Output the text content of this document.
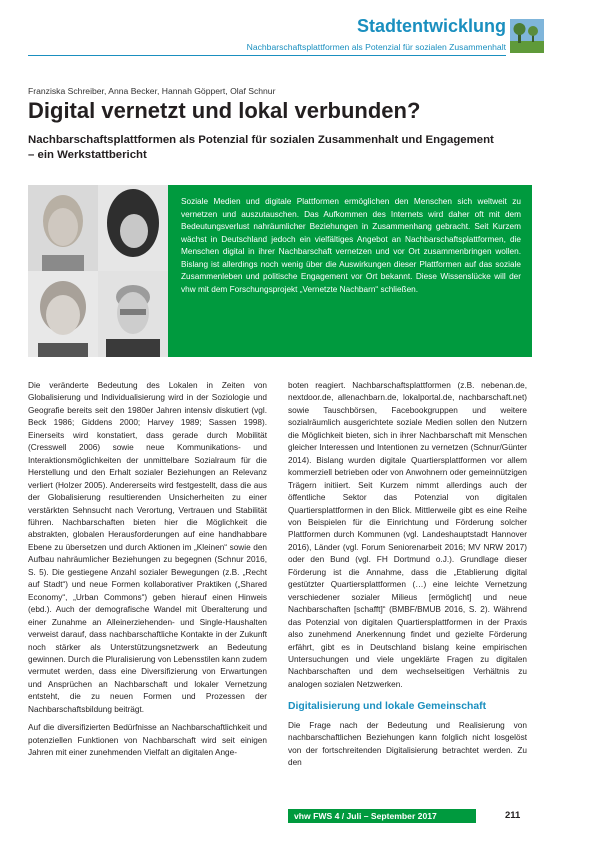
Stadtentwicklung
Nachbarschaftsplattformen als Potenzial für sozialen Zusammenhalt
Franziska Schreiber, Anna Becker, Hannah Göppert, Olaf Schnur
Digital vernetzt und lokal verbunden?
Nachbarschaftsplattformen als Potenzial für sozialen Zusammenhalt und Engagement – ein Werkstattbericht
Soziale Medien und digitale Plattformen ermöglichen den Menschen sich weltweit zu vernetzen und auszutauschen. Das Aufkommen des Internets wird daher oft mit dem Bedeutungsverlust nahräumlicher Beziehungen in Zusammenhang gebracht. Seit Kurzem wächst in Deutschland jedoch ein vielfältiges Angebot an Nachbarschaftsplattformen, die Menschen digital in ihrer Nachbarschaft vernetzen und vor Ort zusammenbringen wollen. Bislang ist allerdings noch wenig über die Auswirkungen dieser Plattformen auf das soziale Zusammenleben und politische Engagement vor Ort bekannt. Diese Wissenslücke will der vhw mit dem Forschungsprojekt „Vernetzte Nachbarn“ schließen.

Die veränderte Bedeutung des Lokalen in Zeiten von Globalisierung und Individualisierung wird in der Soziologie und Geografie bereits seit den 1980er Jahren intensiv diskutiert (vgl. Beck 1986; Giddens 2000; Harvey 1989; Sassen 1998). Einerseits wird konstatiert, dass gerade durch Mobilität (Cresswell 2006) sowie neue Kommunikations- und Interaktionsmöglichkeiten der unmittelbare Sozialraum für die Herstellung und den Erhalt sozialer Beziehungen an Relevanz verliert (Holzer 2005). Andererseits wird festgestellt, dass die aus der Globalisierung resultierenden Unsicherheiten zu einer verstärkten Sehnsucht nach Verortung, Vertrauen und Stabilität führen. Nachbarschaften bieten hier die Möglichkeit die abstrakten, globalen Herausforderungen auf eine handhabbare Ebene zu übersetzen und durch Aktionen im „Kleinen“ sowie den Aufbau nahräumlicher Beziehungen zu begegnen (Schnur 2016, S. 5). Die gestiegene Anzahl sozialer Bewegungen (z.B. „Recht auf Stadt“) und neue Formen kollaborativer Praktiken („Shared Economy“, „Urban Commons“) geben hierauf einen Hinweis (ebd.). Auch der demografische Wandel mit Überalterung und einer Zunahme an Alleinerziehenden- und Single-Haushalten verweist darauf, dass nachbarschaftliche Kontakte in der Zukunft noch stärker als Unterstützungsnetzwerk an Bedeutung gewinnen. Durch die Pluralisierung von Lebensstilen kann zudem vermutet werden, dass eine Diversifizierung von Erwartungen und Ansprüchen an Nachbarschaft und lokaler Vernetzung entsteht, die zu neuen Formen und Prozessen der Nachbarschaftsbildung beiträgt.

Auf die diversifizierten Bedürfnisse an Nachbarschaftlichkeit und potenziellen Funktionen von Nachbarschaft wird seit einigen Jahren mit einer zunehmenden Vielfalt an digitalen Ange-

boten reagiert. Nachbarschaftsplattformen (z.B. nebenan.de, nextdoor.de, allenachbarn.de, lokalportal.de, nachbarschaft.net) sowie Tauschbörsen, Facebookgruppen und weitere sozialräumlich ausgerichtete soziale Medien sollen den Nutzern die Möglichkeit bieten, sich in ihrer Nachbarschaft mit Menschen gleicher Interessen und Intentionen zu vernetzen (Schnur/Günter 2014). Bislang wurden digitale Quartiersplattformen vor allem kommerziell betrieben oder von Anwohnern oder gemeinnützigen Trägern initiiert. Seit Kurzem nimmt allerdings auch der öffentliche Sektor das Potenzial von digitalen Quartiersplattformen in den Blick. Mittlerweile gibt es eine Reihe von Beispielen für die Einrichtung und Förderung solcher Plattformen durch Kommunen (vgl. Landeshauptstadt Hannover 2016), Länder (vgl. Forum Seniorenarbeit 2016; MV NRW 2017) oder den Bund (vgl. FH Dortmund o.J.). Grundlage dieser Förderung ist die Annahme, dass die „Etablierung digital gestützter Quartiersplattformen (…) eine leichte Vernetzung verschiedener sozialer Milieus [ermöglicht] und neue Nachbarschaften [schafft]“ (BMBF/BMUB 2016, S. 2). Während das Potenzial von digitalen Quartiersplattformen in der Praxis also zunehmend Anerkennung findet und gezielte Förderung erfährt, gibt es in Deutschland bislang keine empirischen Untersuchungen und viele ungeklärte Fragen zu digitalen Nachbarschaften und dem wechselseitigen Verhältnis zu analogen sozialen Netzwerken.

Digitalisierung und lokale Gemeinschaft

Die Frage nach der Bedeutung und Realisierung von nachbarschaftlichen Beziehungen kann folglich nicht losgelöst von der fortschreitenden Digitalisierung betrachtet werden. Zu den

vhw FWS 4 / Juli – September 2017	211
